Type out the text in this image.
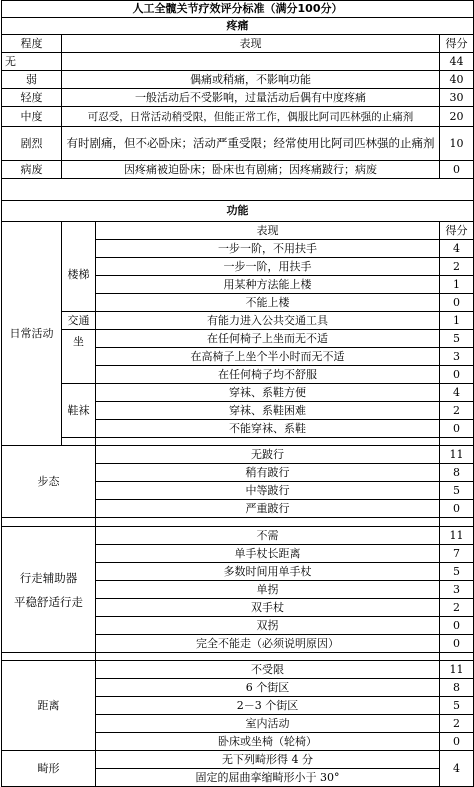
人工全髋关节疗效评分标准（满分100分）			
疼痛			
程度	表现		得分
无			44
弱	偶痛或稍痛，不影响功能		40
轻度	一般活动后不受影响，过量活动后偶有中度疼痛		30
中度	可忍受，日常活动稍受限，但能正常工作，偶服比阿司匹林强的止痛剂		20
剧烈	有时剧痛，但不必卧床；活动严重受限；经常使用比阿司匹林强的止痛剂		10
病废	因疼痛被迫卧床；卧床也有剧痛；因疼痛跛行；病废		0

功能			
日常活动		表现	得分
	楼梯	一步一阶，不用扶手	4
		一步一阶，用扶手	2
		用某种方法能上楼	1
		不能上楼	0
	交通	有能力进入公共交通工具	1
	坐	在任何椅子上坐而无不适	5
		在高椅子上坐个半小时而无不适	3
		在任何椅子均不舒服	0
	鞋袜	穿袜、系鞋方便	4
		穿袜、系鞋困难	2
		不能穿袜、系鞋	0

步态		无跛行	11
		稍有跛行	8
		中等跛行	5
		严重跛行	0

行走辅助器
平稳舒适行走		不需	11
		单手杖长距离	7
		多数时间用单手杖	5
		单拐	3
		双手杖	2
		双拐	0
		完全不能走（必须说明原因）	0

距离		不受限	11
		6 个街区	8
		2－3 个街区	5
		室内活动	2
		卧床或坐椅（轮椅）	0
畸形		无下列畸形得 4 分	4
		固定的屈曲挛缩畸形小于 30°	
